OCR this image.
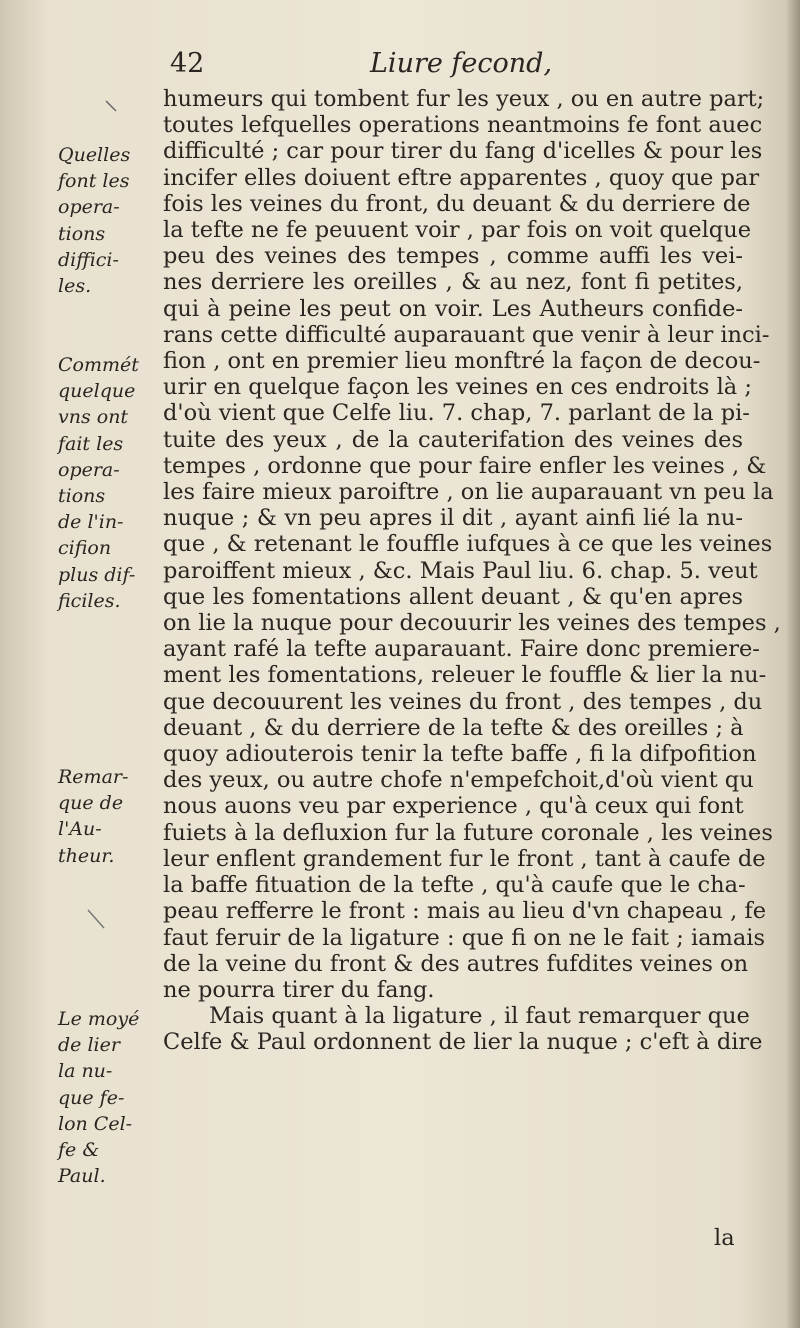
42	Liure fecond,
humeurs qui tombent fur les yeux , ou en autre part;
toutes lefquelles operations neantmoins fe font auec
difficulté ; car pour tirer du fang d'icelles & pour les
incifer elles doiuent eftre apparentes , quoy que par
fois les veines du front, du deuant & du derriere de
la tefte ne fe peuuent voir , par fois on voit quelque
peu des veines des tempes , comme auffi les vei-
nes derriere les oreilles , & au nez, font fi petites,
qui à peine les peut on voir. Les Autheurs confide-
rans cette difficulté auparauant que venir à leur inci-
fion , ont en premier lieu monftré la façon de decou-
urir en quelque façon les veines en ces endroits là ;
d'où vient que Celfe liu. 7. chap, 7. parlant de la pi-
tuite des yeux , de la cauterifation des veines des
tempes , ordonne que pour faire enfler les veines , &
les faire mieux paroiftre , on lie auparauant vn peu la
nuque ; & vn peu apres il dit , ayant ainfi lié la nu-
que , & retenant le fouffle iufques à ce que les veines
paroiffent mieux , &c. Mais Paul liu. 6. chap. 5. veut
que les fomentations allent deuant , & qu'en apres
on lie la nuque pour decouurir les veines des tempes ,
ayant rafé la tefte auparauant. Faire donc premiere-
ment les fomentations, releuer le fouffle & lier la nu-
que decouurent les veines du front , des tempes , du
deuant , & du derriere de la tefte & des oreilles ; à
quoy adiouterois tenir la tefte baffe , fi la difpofition
des yeux, ou autre chofe n'empefchoit,d'où vient qu
nous auons veu par experience , qu'à ceux qui font
fuiets à la defluxion fur la future coronale , les veines
leur enflent grandement fur le front , tant à caufe de
la baffe fituation de la tefte , qu'à caufe que le cha-
peau refferre le front : mais au lieu d'vn chapeau , fe
faut feruir de la ligature : que fi on ne le fait ; iamais
de la veine du front & des autres fufdites veines on
ne pourra tirer du fang.
Mais quant à la ligature , il faut remarquer que
Celfe & Paul ordonnent de lier la nuque ; c'eft à dire
la
Quelles
font les
opera-
tions
diffici-
les.
Commét
quelque
vns ont
fait les
opera-
tions
de l'in-
cifion
plus dif-
ficiles.
Remar-
que de
l'Au-
theur.
Le moyé
de lier
la nu-
que fe-
lon Cel-
fe &
Paul.
